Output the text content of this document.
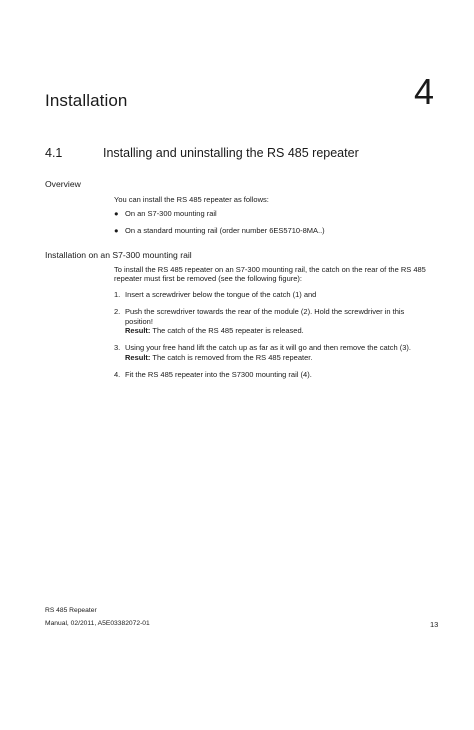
Installation	4
4.1	Installing and uninstalling the RS 485 repeater
Overview
You can install the RS 485 repeater as follows:
● On an S7-300 mounting rail
● On a standard mounting rail (order number 6ES5710-8MA..)
Installation on an S7-300 mounting rail
To install the RS 485 repeater on an S7-300 mounting rail, the catch on the rear of the RS 485 repeater must first be removed (see the following figure):
1. Insert a screwdriver below the tongue of the catch (1) and
2. Push the screwdriver towards the rear of the module (2). Hold the screwdriver in this position!
Result: The catch of the RS 485 repeater is released.
3. Using your free hand lift the catch up as far as it will go and then remove the catch (3).
Result: The catch is removed from the RS 485 repeater.
4. Fit the RS 485 repeater into the S7300 mounting rail (4).
RS 485 Repeater
Manual, 02/2011, A5E03382072-01	13
